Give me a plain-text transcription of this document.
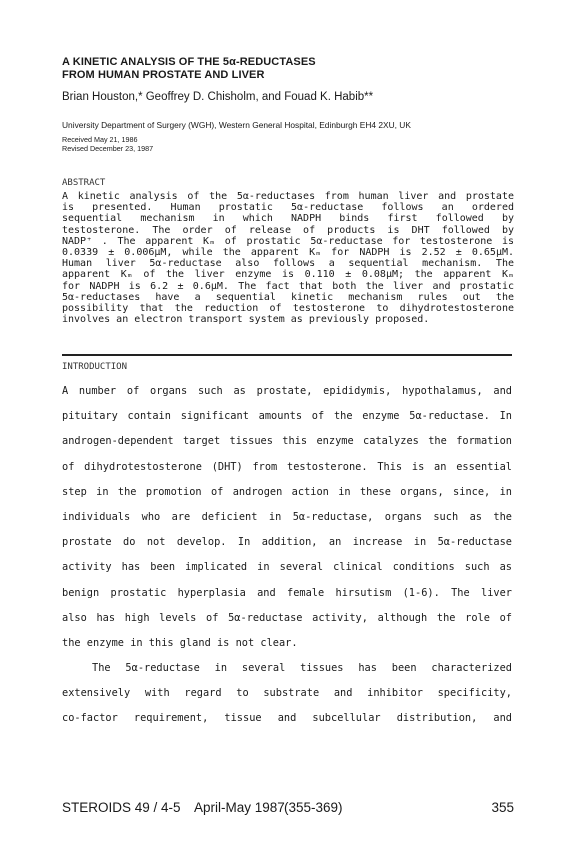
A KINETIC ANALYSIS OF THE 5α-REDUCTASES
FROM HUMAN PROSTATE AND LIVER
Brian Houston,* Geoffrey D. Chisholm, and Fouad K. Habib**
University Department of Surgery (WGH), Western General Hospital, Edinburgh EH4 2XU, UK
Received May 21, 1986
Revised December 23, 1987
ABSTRACT
A kinetic analysis of the 5α-reductases from human liver and prostate
is presented. Human prostatic 5α-reductase follows an ordered
sequential mechanism in which NADPH binds first followed by
testosterone. The order of release of products is DHT followed by
NADP⁺ . The apparent Kₘ of prostatic 5α-reductase for testosterone is
0.0339 ± 0.006μM, while the apparent Kₘ for NADPH is 2.52 ± 0.65μM.
Human liver 5α-reductase also follows a sequential mechanism. The
apparent Kₘ of the liver enzyme is 0.110 ± 0.08μM; the apparent Kₘ
for NADPH is 6.2 ± 0.6μM. The fact that both the liver and prostatic
5α-reductases have a sequential kinetic mechanism rules out the
possibility that the reduction of testosterone to dihydrotestosterone
involves an electron transport system as previously proposed.
INTRODUCTION
A number of organs such as prostate, epididymis, hypothalamus, and
pituitary contain significant amounts of the enzyme 5α-reductase. In
androgen-dependent target tissues this enzyme catalyzes the formation
of dihydrotestosterone (DHT) from testosterone. This is an essential
step in the promotion of androgen action in these organs, since, in
individuals who are deficient in 5α-reductase, organs such as the
prostate do not develop. In addition, an increase in 5α-reductase
activity has been implicated in several clinical conditions such as
benign prostatic hyperplasia and female hirsutism (1-6). The liver
also has high levels of 5α-reductase activity, although the role of
the enzyme in this gland is not clear.
The 5α-reductase in several tissues has been characterized
extensively with regard to substrate and inhibitor specificity,
co-factor requirement, tissue and subcellular distribution, and
STEROIDS 49 / 4-5 April-May 1987 (355-369)	355
